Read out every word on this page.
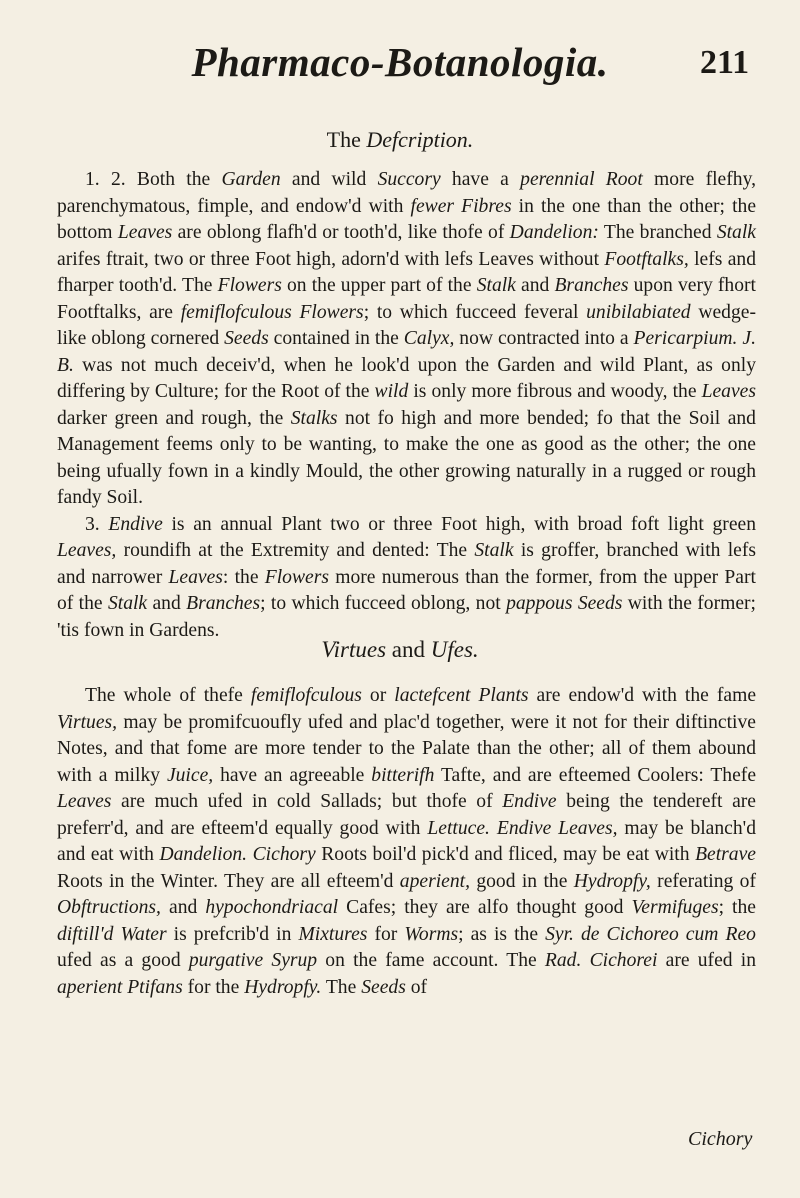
Pharmaco-Botanologia.	211
The Defcription.

1. 2. Both the Garden and wild Succory have a perennial Root more flefhy, parenchymatous, fimple, and endow'd with fewer Fibres in the one than the other; the bottom Leaves are oblong flafh'd or tooth'd, like thofe of Dandelion: The branched Stalk arifes ftrait, two or three Foot high, adorn'd with lefs Leaves without Footftalks, lefs and fharper tooth'd. The Flowers on the upper part of the Stalk and Branches upon very fhort Footftalks, are femiflofculous Flowers; to which fucceed feveral unibilabiated wedge-like oblong cornered Seeds contained in the Calyx, now contracted into a Pericarpium. J. B. was not much deceiv'd, when he look'd upon the Garden and wild Plant, as only differing by Culture; for the Root of the wild is only more fibrous and woody, the Leaves darker green and rough, the Stalks not fo high and more bended; fo that the Soil and Management feems only to be wanting, to make the one as good as the other; the one being ufually fown in a kindly Mould, the other growing naturally in a rugged or rough fandy Soil.

3. Endive is an annual Plant two or three Foot high, with broad foft light green Leaves, roundifh at the Extremity and dented: The Stalk is groffer, branched with lefs and narrower Leaves: the Flowers more numerous than the former, from the upper Part of the Stalk and Branches; to which fucceed oblong, not pappous Seeds with the former; 'tis fown in Gardens.

Virtues and Ufes.

The whole of thefe femiflofculous or lactefcent Plants are endow'd with the fame Virtues, may be promifcuoufly ufed and plac'd together, were it not for their diftinctive Notes, and that fome are more tender to the Palate than the other; all of them abound with a milky Juice, have an agreeable bitterifh Tafte, and are efteemed Coolers: Thefe Leaves are much ufed in cold Sallads; but thofe of Endive being the tendereft are preferr'd, and are efteem'd equally good with Lettuce. Endive Leaves, may be blanch'd and eat with Dandelion. Cichory Roots boil'd pick'd and fliced, may be eat with Betrave Roots in the Winter. They are all efteem'd aperient, good in the Hydropfy, referating of Obftructions, and hypochondriacal Cafes; they are alfo thought good Vermifuges; the diftill'd Water is prefcrib'd in Mixtures for Worms; as is the Syr. de Cichoreo cum Reo ufed as a good purgative Syrup on the fame account. The Rad. Cichorei are ufed in aperient Ptifans for the Hydropfy. The Seeds of

Cichory
